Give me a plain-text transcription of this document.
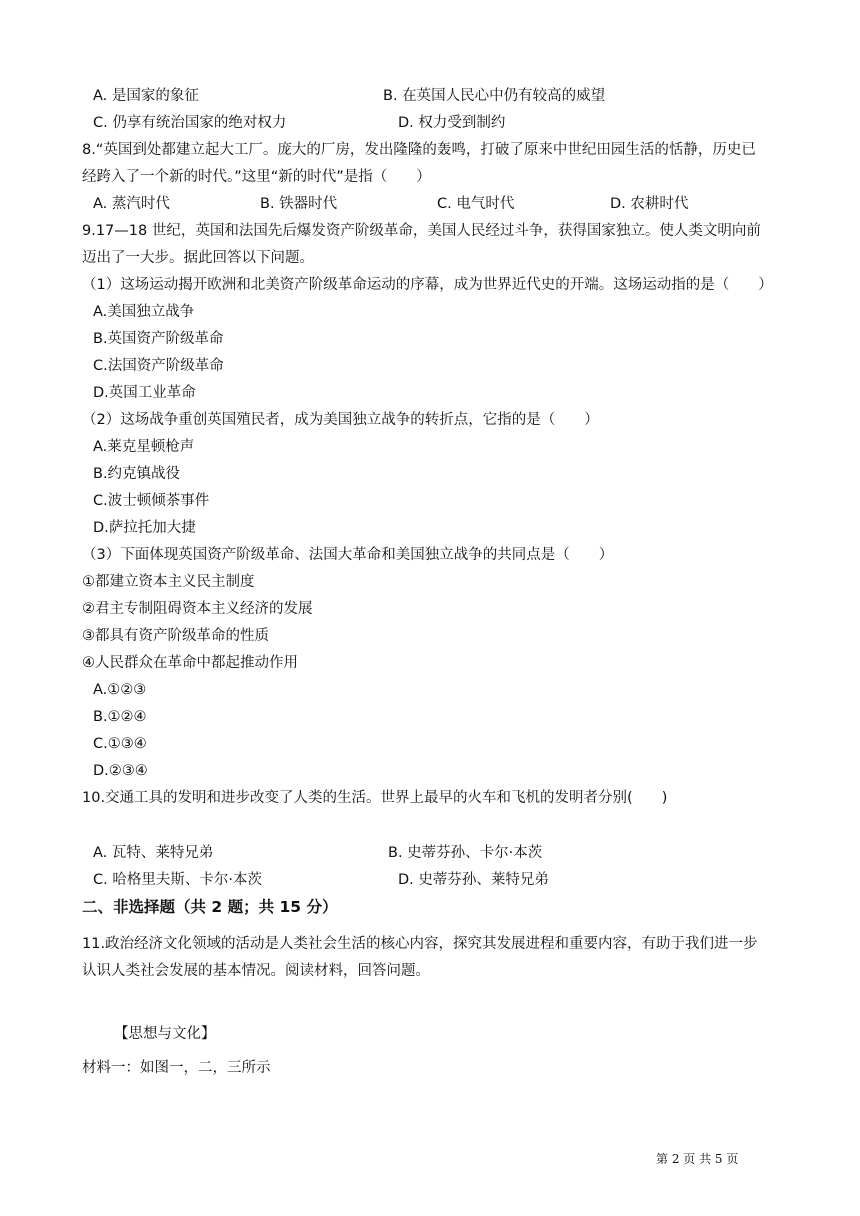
A. 是国家的象征	B. 在英国人民心中仍有较高的威望
C. 仍享有统治国家的绝对权力	D. 权力受到制约
8.“英国到处都建立起大工厂。庞大的厂房，发出隆隆的轰鸣，打破了原来中世纪田园生活的恬静，历史已
经跨入了一个新的时代。”这里“新的时代”是指（　　）
A. 蒸汽时代	B. 铁器时代	C. 电气时代	D. 农耕时代
9.17—18 世纪，英国和法国先后爆发资产阶级革命，美国人民经过斗争，获得国家独立。使人类文明向前
迈出了一大步。据此回答以下问题。
（1）这场运动揭开欧洲和北美资产阶级革命运动的序幕，成为世界近代史的开端。这场运动指的是（　　）
A.美国独立战争
B.英国资产阶级革命
C.法国资产阶级革命
D.英国工业革命
（2）这场战争重创英国殖民者，成为美国独立战争的转折点，它指的是（　　）
A.莱克星顿枪声
B.约克镇战役
C.波士顿倾茶事件
D.萨拉托加大捷
（3）下面体现英国资产阶级革命、法国大革命和美国独立战争的共同点是（　　）
①都建立资本主义民主制度
②君主专制阻碍资本主义经济的发展
③都具有资产阶级革命的性质
④人民群众在革命中都起推动作用
A.①②③
B.①②④
C.①③④
D.②③④
10.交通工具的发明和进步改变了人类的生活。世界上最早的火车和飞机的发明者分别(　　)
A. 瓦特、莱特兄弟	B. 史蒂芬孙、卡尔·本茨
C. 哈格里夫斯、卡尔·本茨	D. 史蒂芬孙、莱特兄弟
二、非选择题（共 2 题；共 15 分）
11.政治经济文化领域的活动是人类社会生活的核心内容，探究其发展进程和重要内容，有助于我们进一步
认识人类社会发展的基本情况。阅读材料，回答问题。
【思想与文化】
材料一：如图一，二，三所示
第 2 页 共 5 页
